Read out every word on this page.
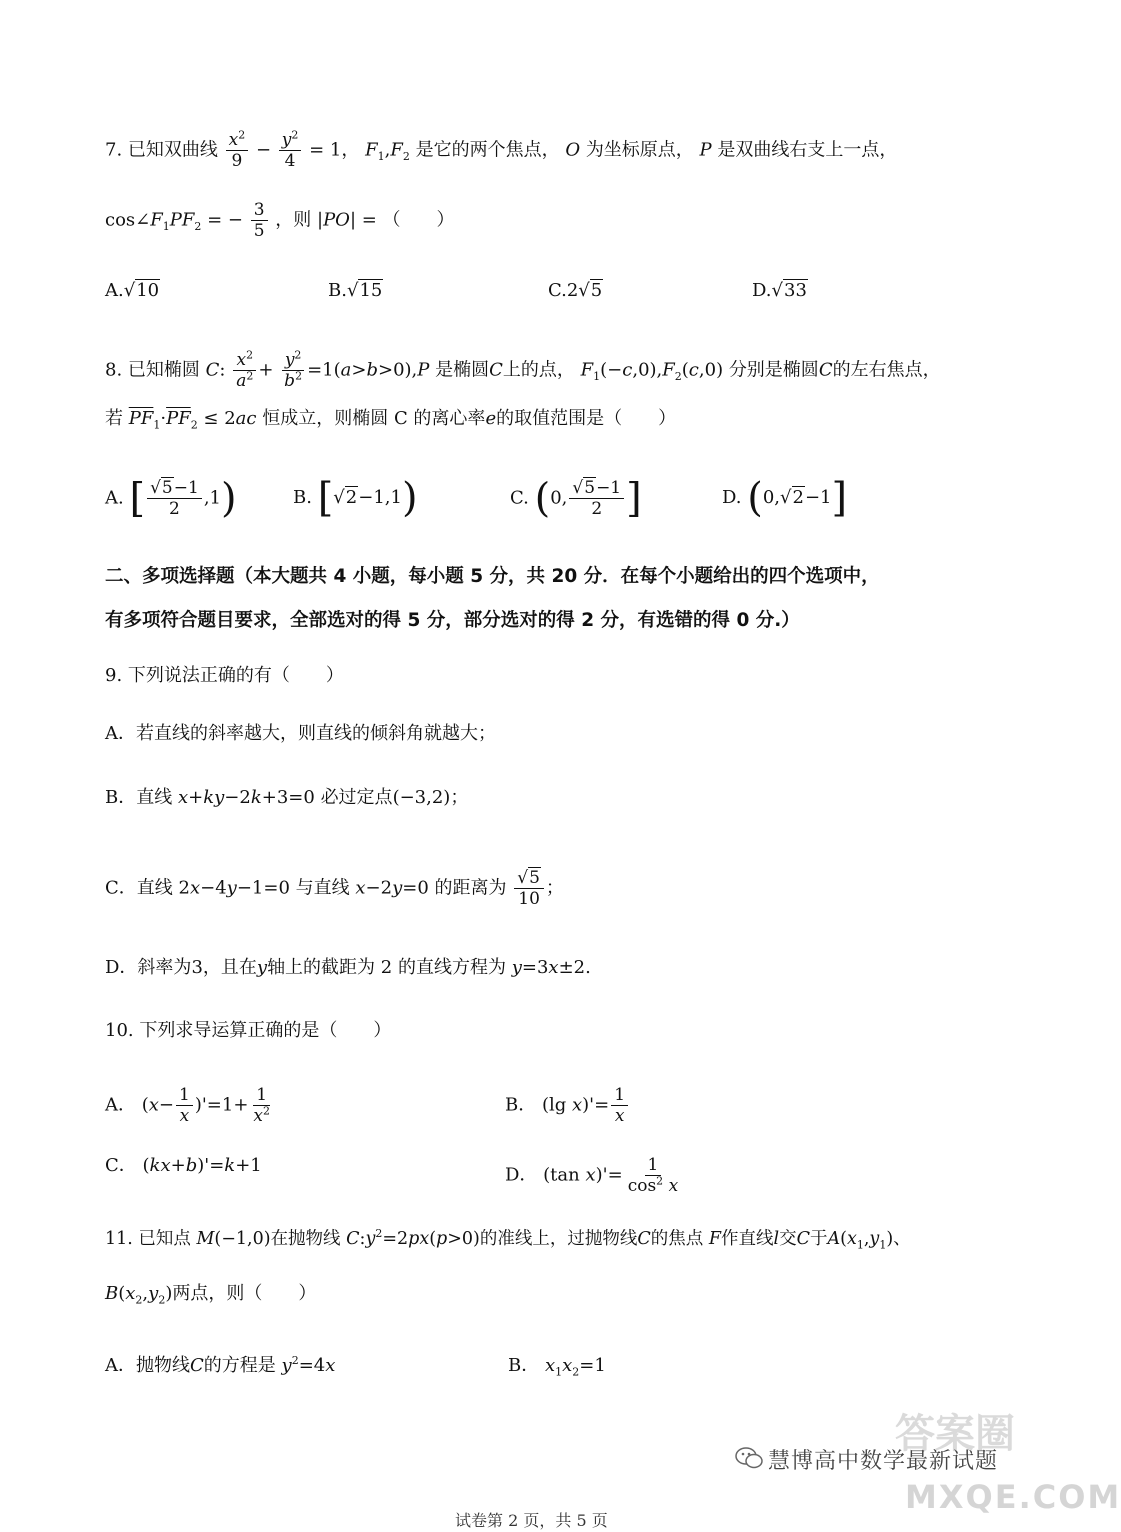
7. 已知双曲线 $\frac{x^2}{9} - \frac{y^2}{4} = 1$， $F_1,F_2$ 是它的两个焦点， O 为坐标原点， P 是双曲线右支上一点，
$\cos\angle F_1PF_2$ = − $\frac{3}{5}$ ，则 |PO| = （　　）
A.√10	B.√15	C.2√5	D.√33
8. 已知椭圆 C: $\frac{x^2}{a^2} + \frac{y^2}{b^2} =1(a>b>0),P$ 是椭圆C上的点， $F_1(-c,0),F_2(c,0)$ 分别是椭圆C的左右焦点，
若 $\overline{PF}_1\cdot\overline{PF}_2 \le 2ac$ 恒成立，则椭圆 C 的离心率e的取值范围是（　　）
A. [ $\frac{√5-1}{2} ,1$)	B. [√2−1,1)	C. (0, $\frac{√5-1}{2}$ ]	D. (0,√2−1]
二、多项选择题（本大题共 4 小题，每小题 5 分，共 20 分．在每个小题给出的四个选项中，
有多项符合题目要求，全部选对的得 5 分，部分选对的得 2 分，有选错的得 0 分.）
9. 下列说法正确的有（　　）
A．若直线的斜率越大，则直线的倾斜角就越大；
B．直线 x+ky−2k+3=0 必过定点(−3,2)；
C．直线 2x−4y−1=0 与直线 x−2y=0 的距离为 $\frac{√5}{10}$ ；
D．斜率为3，且在y轴上的截距为 2 的直线方程为 y=3x±2.
10. 下列求导运算正确的是（　　）
A． $(x- \frac{1}{x} )'=1+ \frac{1}{x^2}$	B． (lg $x)'= \frac{1}{x}$
C． (kx+b)'=k+1	D． (tan $x)'= \frac{1}{\cos^2 x}$
11. 已知点 M(−1,0)在抛物线 $C:y^2=2px(p>0)$的准线上，过抛物线C的焦点 F作直线l交C于$A(x_1,y_1)$、
$B(x_2,y_2)$两点，则（　　）
A．抛物线C的方程是 $y^2=4x$	B． $x_1x_2=1$
试卷第 2 页，共 5 页
慧博高中数学最新试题
答案圈
MXQE.COM
